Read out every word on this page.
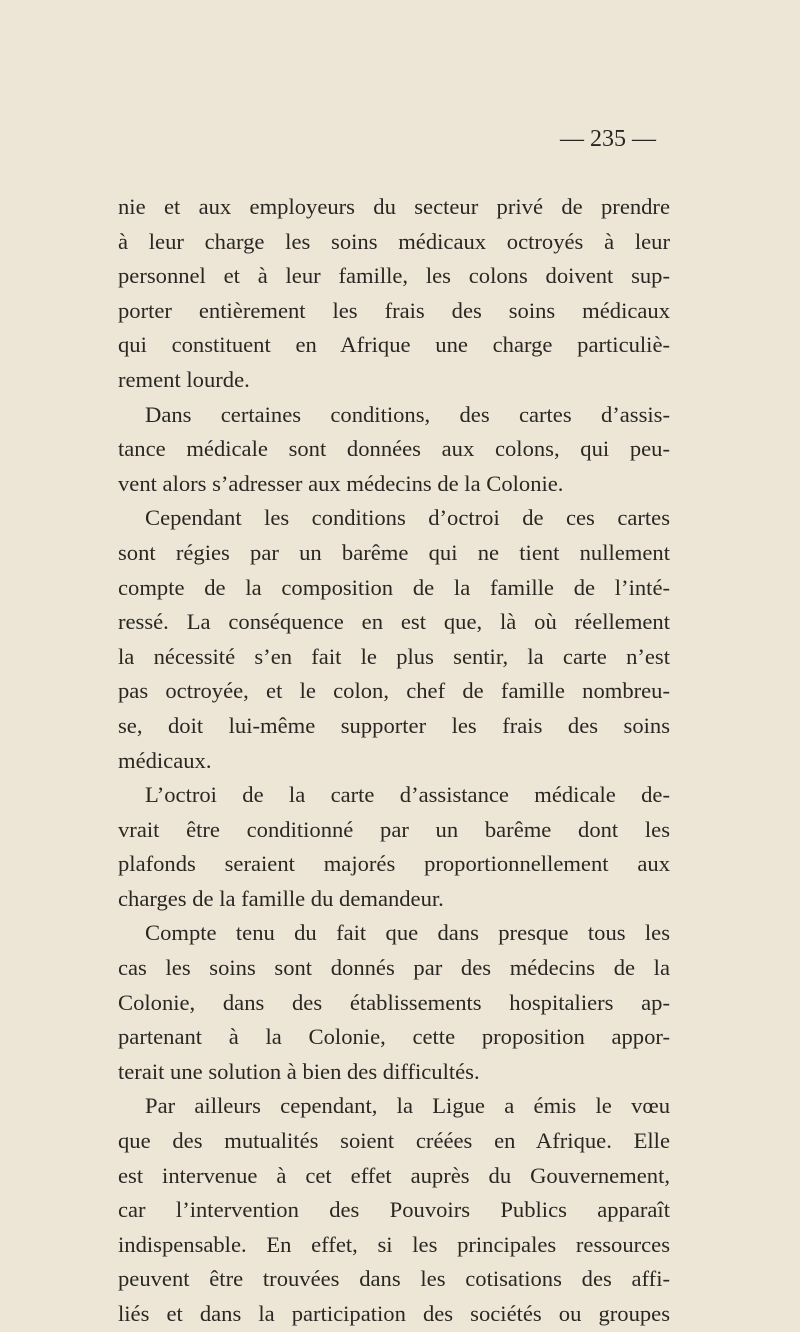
— 235 —
nie et aux employeurs du secteur privé de prendre
à leur charge les soins médicaux octroyés à leur
personnel et à leur famille, les colons doivent sup-
porter entièrement les frais des soins médicaux
qui constituent en Afrique une charge particuliè-
rement lourde.
Dans certaines conditions, des cartes d’assis-
tance médicale sont données aux colons, qui peu-
vent alors s’adresser aux médecins de la Colonie.
Cependant les conditions d’octroi de ces cartes
sont régies par un barême qui ne tient nullement
compte de la composition de la famille de l’inté-
ressé. La conséquence en est que, là où réellement
la nécessité s’en fait le plus sentir, la carte n’est
pas octroyée, et le colon, chef de famille nombreu-
se, doit lui-même supporter les frais des soins
médicaux.
L’octroi de la carte d’assistance médicale de-
vrait être conditionné par un barême dont les
plafonds seraient majorés proportionnellement aux
charges de la famille du demandeur.
Compte tenu du fait que dans presque tous les
cas les soins sont donnés par des médecins de la
Colonie, dans des établissements hospitaliers ap-
partenant à la Colonie, cette proposition appor-
terait une solution à bien des difficultés.
Par ailleurs cependant, la Ligue a émis le vœu
que des mutualités soient créées en Afrique. Elle
est intervenue à cet effet auprès du Gouvernement,
car l’intervention des Pouvoirs Publics apparaît
indispensable. En effet, si les principales ressources
peuvent être trouvées dans les cotisations des affi-
liés et dans la participation des sociétés ou groupes
